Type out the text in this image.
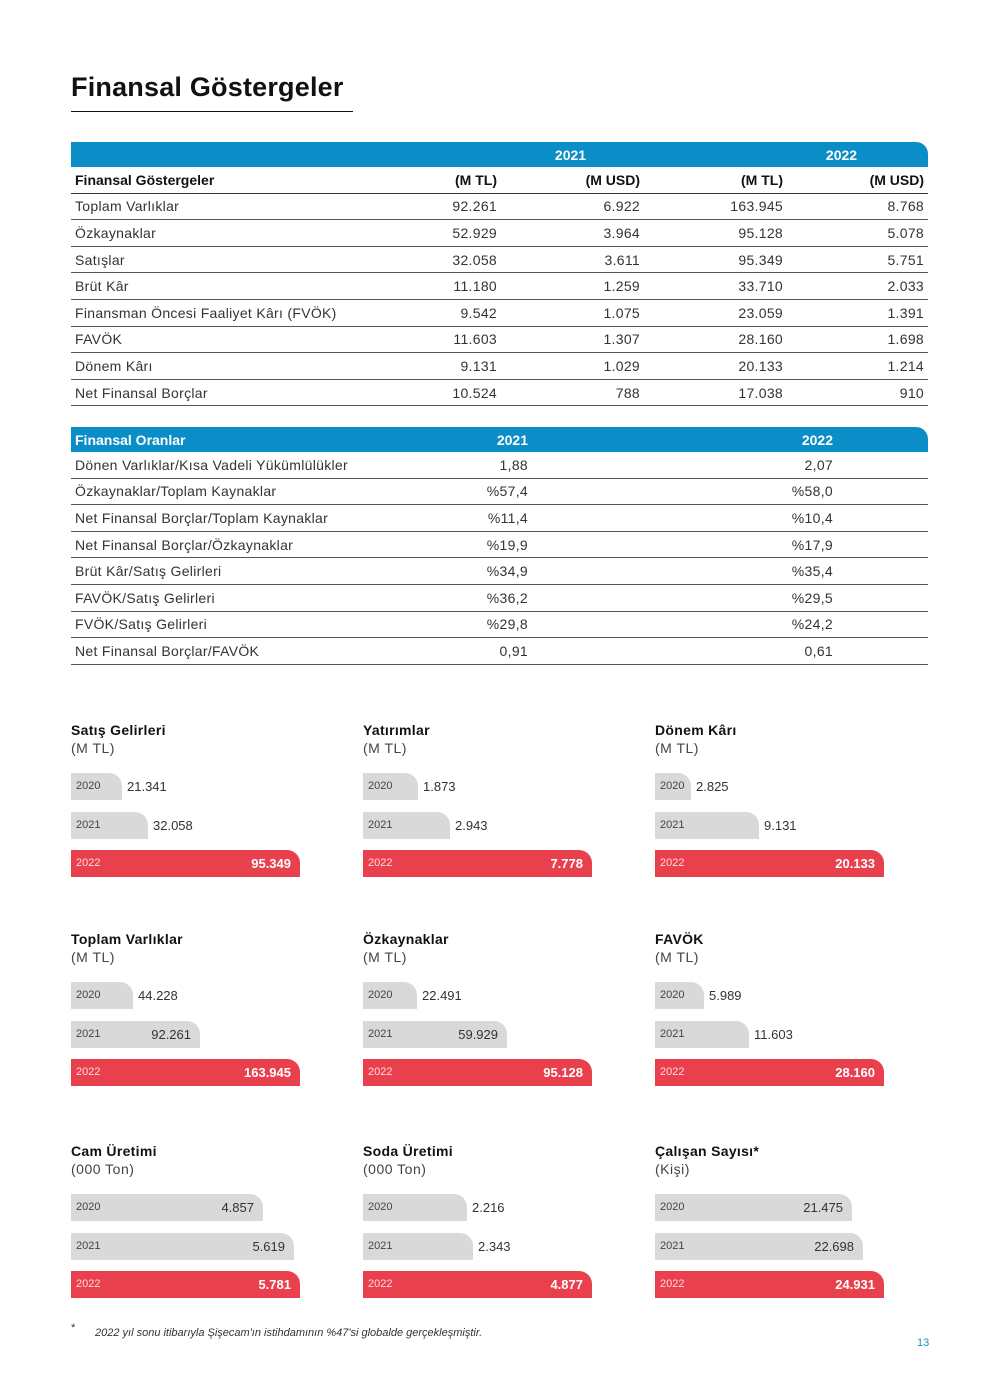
Finansal Göstergeler
	2021		2022	
Finansal Göstergeler	(M TL)	(M USD)	(M TL)	(M USD)
Toplam Varlıklar	92.261	6.922	163.945	8.768
Özkaynaklar	52.929	3.964	95.128	5.078
Satışlar	32.058	3.611	95.349	5.751
Brüt Kâr	11.180	1.259	33.710	2.033
Finansman Öncesi Faaliyet Kârı (FVÖK)	9.542	1.075	23.059	1.391
FAVÖK	11.603	1.307	28.160	1.698
Dönem Kârı	9.131	1.029	20.133	1.214
Net Finansal Borçlar	10.524	788	17.038	910
Finansal Oranlar	2021	2022
Dönen Varlıklar/Kısa Vadeli Yükümlülükler	1,88	2,07
Özkaynaklar/Toplam Kaynaklar	%57,4	%58,0
Net Finansal Borçlar/Toplam Kaynaklar	%11,4	%10,4
Net Finansal Borçlar/Özkaynaklar	%19,9	%17,9
Brüt Kâr/Satış Gelirleri	%34,9	%35,4
FAVÖK/Satış Gelirleri	%36,2	%29,5
FVÖK/Satış Gelirleri	%29,8	%24,2
Net Finansal Borçlar/FAVÖK	0,91	0,61
Satış Gelirleri
(M TL)
2020 21.341
2021	32.058
2022	95.349
Yatırımlar
(M TL)
2020 1.873
2021	2.943
2022	7.778
Dönem Kârı
(M TL)
2020 2.825
2021	9.131
2022	20.133
Toplam Varlıklar
(M TL)
2020	44.228
2021	92.261
2022	163.945
Özkaynaklar
(M TL)
2020 22.491
2021	59.929
2022	95.128
FAVÖK
(M TL)
2020 5.989
2021	11.603
2022	28.160
Cam Üretimi
(000 Ton)
2020	4.857
2021	5.619
2022	5.781
Soda Üretimi
(000 Ton)
2020	2.216
2021	2.343
2022	4.877
Çalışan Sayısı*
(Kişi)
2020	21.475
2021	22.698
2022	24.931
* 2022 yıl sonu itibarıyla Şişecam'ın istihdamının %47'si globalde gerçekleşmiştir.
13
